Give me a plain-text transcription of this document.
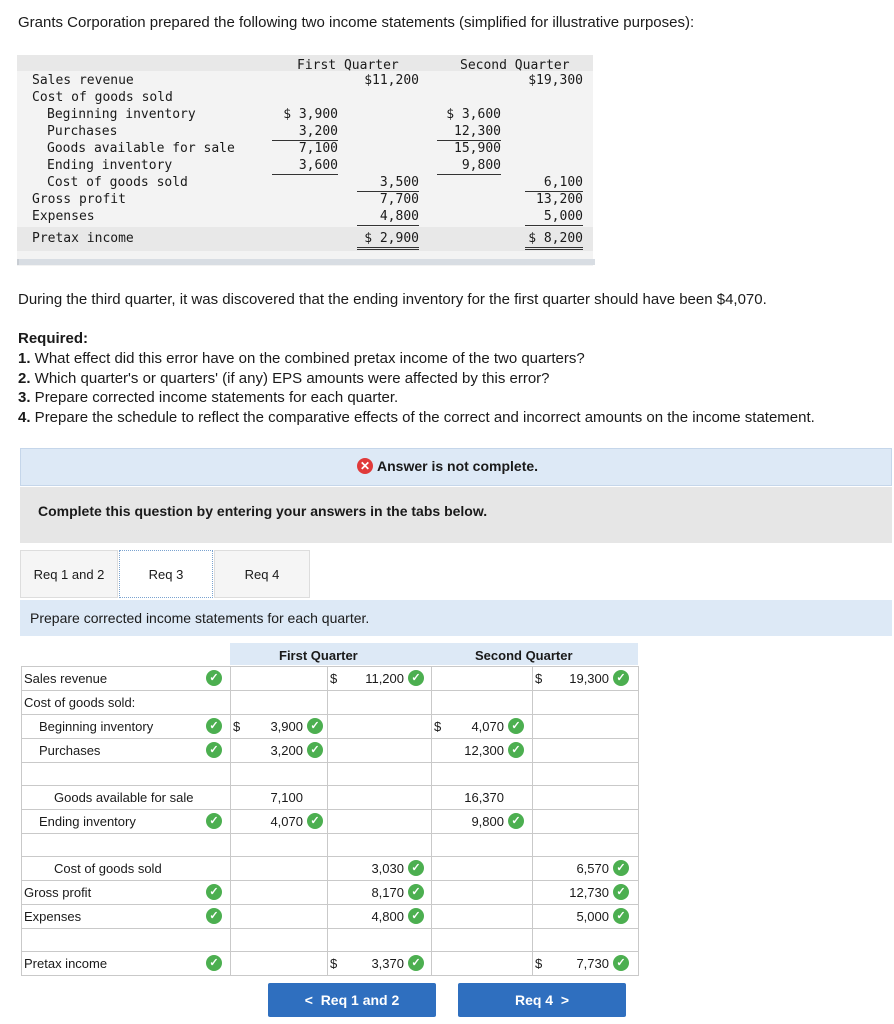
Grants Corporation prepared the following two income statements (simplified for illustrative purposes):
First Quarter	Second Quarter
Sales revenue	$11,200	$19,300
Cost of goods sold
Beginning inventory	$ 3,900	$ 3,600
Purchases	3,200	12,300
Goods available for sale	7,100	15,900
Ending inventory	3,600	9,800
Cost of goods sold	3,500	6,100
Gross profit	7,700	13,200
Expenses	4,800	5,000
Pretax income	$ 2,900	$ 8,200
During the third quarter, it was discovered that the ending inventory for the first quarter should have been $4,070.
Required:
1. What effect did this error have on the combined pretax income of the two quarters?
2. Which quarter's or quarters' (if any) EPS amounts were affected by this error?
3. Prepare corrected income statements for each quarter.
4. Prepare the schedule to reflect the comparative effects of the correct and incorrect amounts on the income statement.
✕ Answer is not complete.
Complete this question by entering your answers in the tabs below.
Req 1 and 2	Req 3	Req 4
Prepare corrected income statements for each quarter.
First Quarter	Second Quarter
Sales revenue	✓	$	11,200 ✓	$	19,300 ✓
Cost of goods sold:
Beginning inventory	✓ $	3,900 ✓	$	4,070 ✓
Purchases	✓	3,200 ✓	12,300 ✓
Goods available for sale	7,100	16,370
Ending inventory	✓	4,070 ✓	9,800 ✓
Cost of goods sold	3,030 ✓	6,570 ✓
Gross profit	✓	8,170 ✓	12,730 ✓
Expenses	✓	4,800 ✓	5,000 ✓
Pretax income	✓	$	3,370 ✓	$	7,730 ✓
< Req 1 and 2	Req 4 >
